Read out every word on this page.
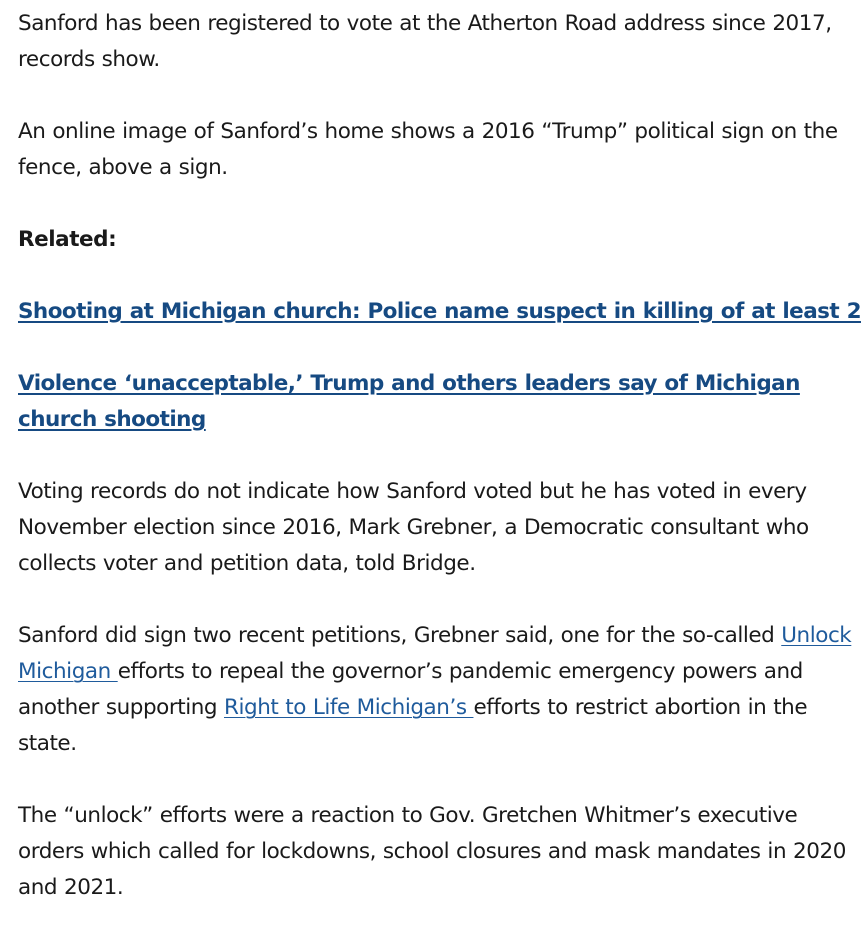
Sanford has been registered to vote at the Atherton Road address since 2017, records show.

An online image of Sanford’s home shows a 2016 “Trump” political sign on the fence, above a sign.

Related:

Shooting at Michigan church: Police name suspect in killing of at least 2

Violence ‘unacceptable,’ Trump and others leaders say of Michigan church shooting

Voting records do not indicate how Sanford voted but he has voted in every November election since 2016, Mark Grebner, a Democratic consultant who collects voter and petition data, told Bridge.

Sanford did sign two recent petitions, Grebner said, one for the so-called Unlock Michigan efforts to repeal the governor’s pandemic emergency powers and another supporting Right to Life Michigan’s efforts to restrict abortion in the state.

The “unlock” efforts were a reaction to Gov. Gretchen Whitmer’s executive orders which called for lockdowns, school closures and mask mandates in 2020 and 2021.
